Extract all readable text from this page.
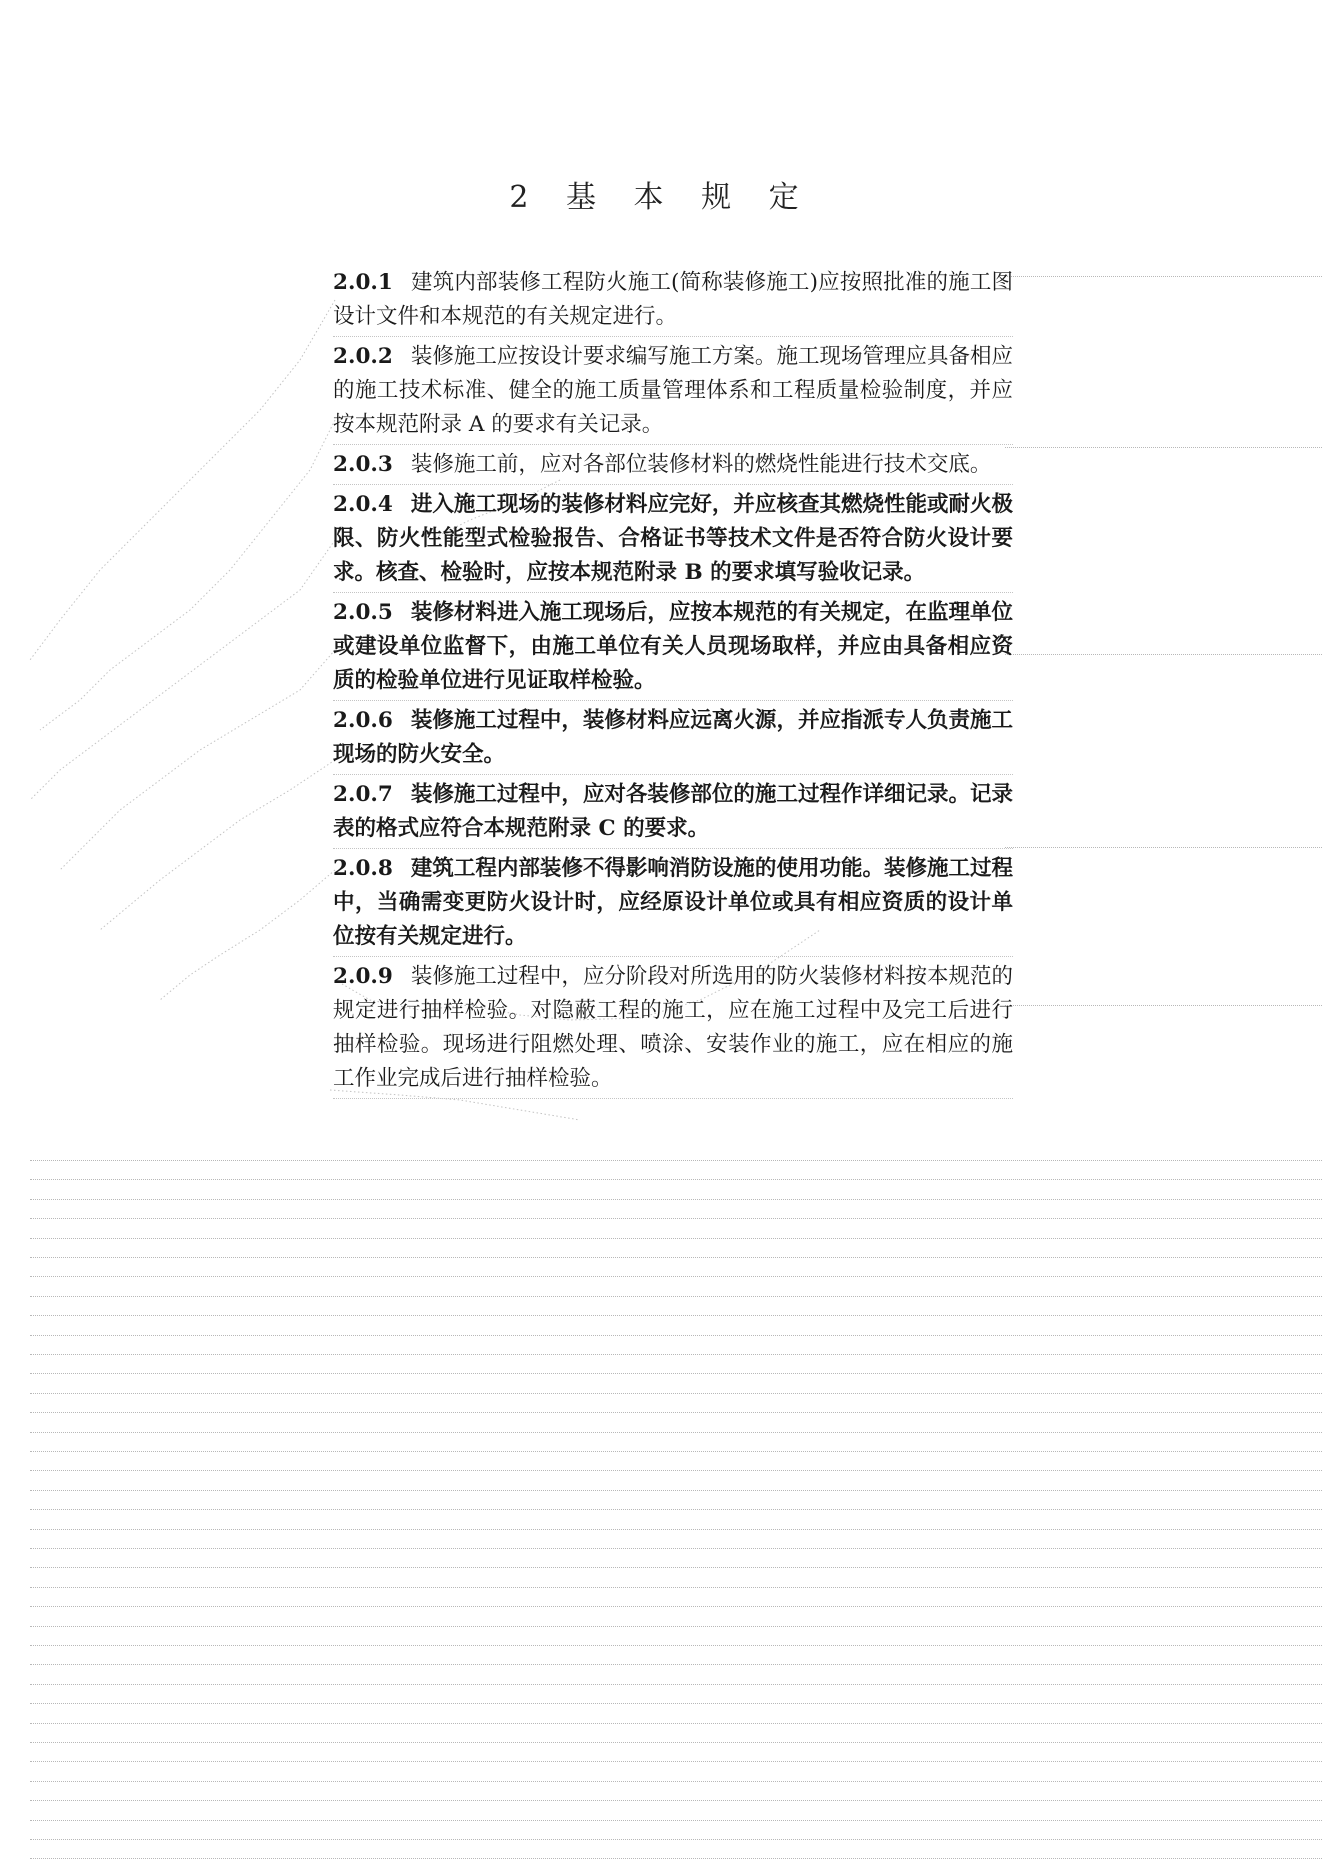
2 基 本 规 定

2.0.1 建筑内部装修工程防火施工(简称装修施工)应按照批准的施工图设计文件和本规范的有关规定进行。

2.0.2 装修施工应按设计要求编写施工方案。施工现场管理应具备相应的施工技术标准、健全的施工质量管理体系和工程质量检验制度，并应按本规范附录 A 的要求有关记录。

2.0.3 装修施工前，应对各部位装修材料的燃烧性能进行技术交底。

2.0.4 进入施工现场的装修材料应完好，并应核查其燃烧性能或耐火极限、防火性能型式检验报告、合格证书等技术文件是否符合防火设计要求。核查、检验时，应按本规范附录 B 的要求填写验收记录。

2.0.5 装修材料进入施工现场后，应按本规范的有关规定，在监理单位或建设单位监督下，由施工单位有关人员现场取样，并应由具备相应资质的检验单位进行见证取样检验。

2.0.6 装修施工过程中，装修材料应远离火源，并应指派专人负责施工现场的防火安全。

2.0.7 装修施工过程中，应对各装修部位的施工过程作详细记录。记录表的格式应符合本规范附录 C 的要求。

2.0.8 建筑工程内部装修不得影响消防设施的使用功能。装修施工过程中，当确需变更防火设计时，应经原设计单位或具有相应资质的设计单位按有关规定进行。

2.0.9 装修施工过程中，应分阶段对所选用的防火装修材料按本规范的规定进行抽样检验。对隐蔽工程的施工，应在施工过程中及完工后进行抽样检验。现场进行阻燃处理、喷涂、安装作业的施工，应在相应的施工作业完成后进行抽样检验。
